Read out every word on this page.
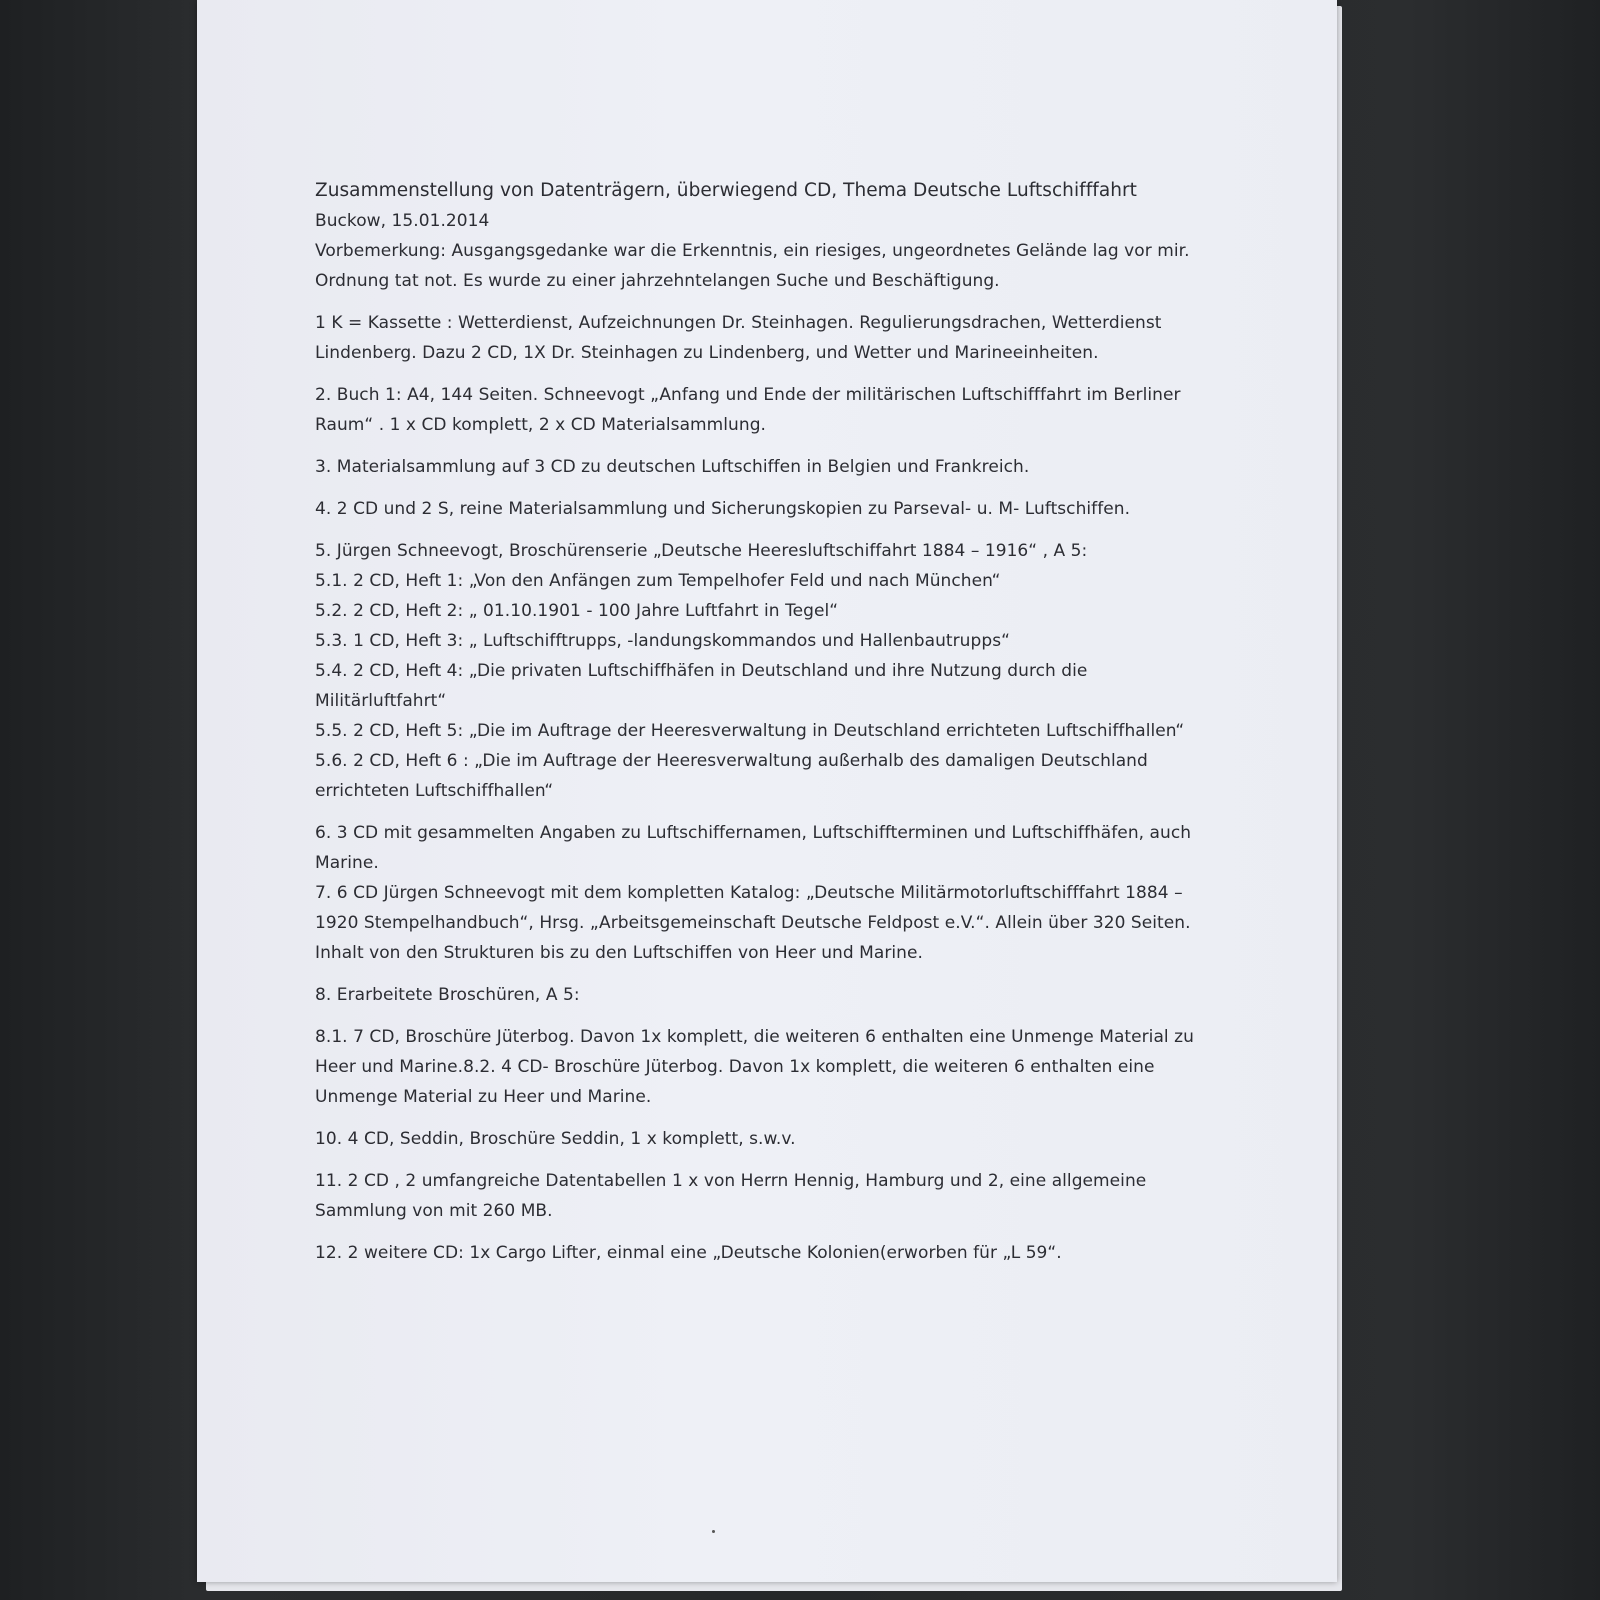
Zusammenstellung von Datenträgern, überwiegend CD, Thema Deutsche Luftschifffahrt

Buckow, 15.01.2014

Vorbemerkung: Ausgangsgedanke war die Erkenntnis, ein riesiges, ungeordnetes Gelände lag vor mir.

Ordnung tat not. Es wurde zu einer jahrzehntelangen Suche und Beschäftigung.

1 K = Kassette : Wetterdienst, Aufzeichnungen Dr. Steinhagen. Regulierungsdrachen, Wetterdienst Lindenberg. Dazu 2 CD, 1X Dr. Steinhagen zu Lindenberg, und Wetter und Marineeinheiten.

2. Buch 1: A4, 144 Seiten. Schneevogt „Anfang und Ende der militärischen Luftschifffahrt im Berliner Raum“ . 1 x CD komplett, 2 x CD Materialsammlung.

3. Materialsammlung auf 3 CD zu deutschen Luftschiffen in Belgien und Frankreich.

4. 2 CD und 2 S, reine Materialsammlung und Sicherungskopien zu Parseval- u. M- Luftschiffen.

5. Jürgen Schneevogt, Broschürenserie „Deutsche Heeresluftschiffahrt 1884 – 1916“ , A 5:

5.1. 2 CD, Heft 1: „Von den Anfängen zum Tempelhofer Feld und nach München“

5.2. 2 CD, Heft 2: „ 01.10.1901 - 100 Jahre Luftfahrt in Tegel“

5.3. 1 CD, Heft 3: „ Luftschifftrupps, -landungskommandos und Hallenbautrupps“

5.4. 2 CD, Heft 4: „Die privaten Luftschiffhäfen in Deutschland und ihre Nutzung durch die Militärluftfahrt“

5.5. 2 CD, Heft 5: „Die im Auftrage der Heeresverwaltung in Deutschland errichteten Luftschiffhallen“

5.6. 2 CD, Heft 6 : „Die im Auftrage der Heeresverwaltung außerhalb des damaligen Deutschland errichteten Luftschiffhallen“

6. 3 CD mit gesammelten Angaben zu Luftschiffernamen, Luftschiffterminen und Luftschiffhäfen, auch Marine.

7. 6 CD Jürgen Schneevogt mit dem kompletten Katalog: „Deutsche Militärmotorluftschifffahrt 1884 – 1920 Stempelhandbuch“, Hrsg. „Arbeitsgemeinschaft Deutsche Feldpost e.V.“. Allein über 320 Seiten. Inhalt von den Strukturen bis zu den Luftschiffen von Heer und Marine.

8. Erarbeitete Broschüren, A 5:

8.1. 7 CD, Broschüre Jüterbog. Davon 1x komplett, die weiteren 6 enthalten eine Unmenge Material zu Heer und Marine.8.2. 4 CD- Broschüre Jüterbog. Davon 1x komplett, die weiteren 6 enthalten eine Unmenge Material zu Heer und Marine.

10. 4 CD, Seddin, Broschüre Seddin, 1 x komplett, s.w.v.

11. 2 CD , 2 umfangreiche Datentabellen 1 x von Herrn Hennig, Hamburg und 2, eine allgemeine Sammlung von mit 260 MB.

12. 2 weitere CD: 1x Cargo Lifter, einmal eine „Deutsche Kolonien(erworben für „L 59“.
